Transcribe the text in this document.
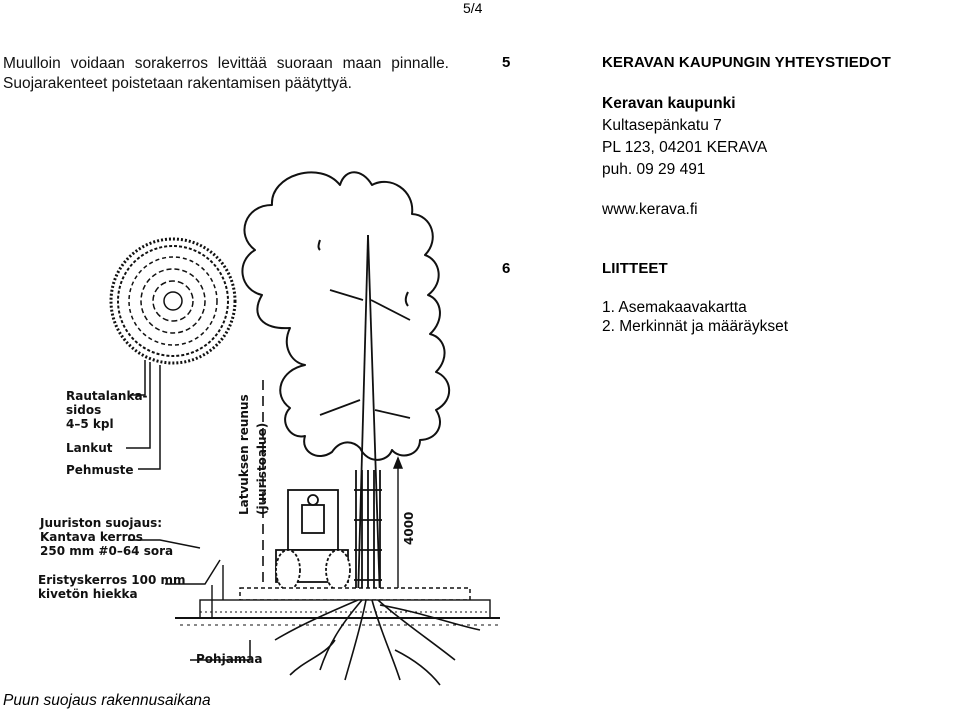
5/4
Muulloin voidaan sorakerros levittää suoraan maan pinnalle. Suojarakenteet poistetaan rakentamisen päätyttyä.
5	KERAVAN KAUPUNGIN YHTEYSTIEDOT
Keravan kaupunki
Kultasepänkatu 7
PL 123, 04201 KERAVA
puh. 09 29 491
www.kerava.fi
6	LIITTEET
1. Asemakaavakartta
2. Merkinnät ja määräykset
Rautalanka-
sidos
4–5 kpl
Lankut
Pehmuste
Juuriston suojaus:
Kantava kerros
250 mm #0–64 sora
Eristyskerros 100 mm
kivetön hiekka
Pohjamaa
Latvuksen reunus (juuristoalue)
4000
Puun suojaus rakennusaikana
